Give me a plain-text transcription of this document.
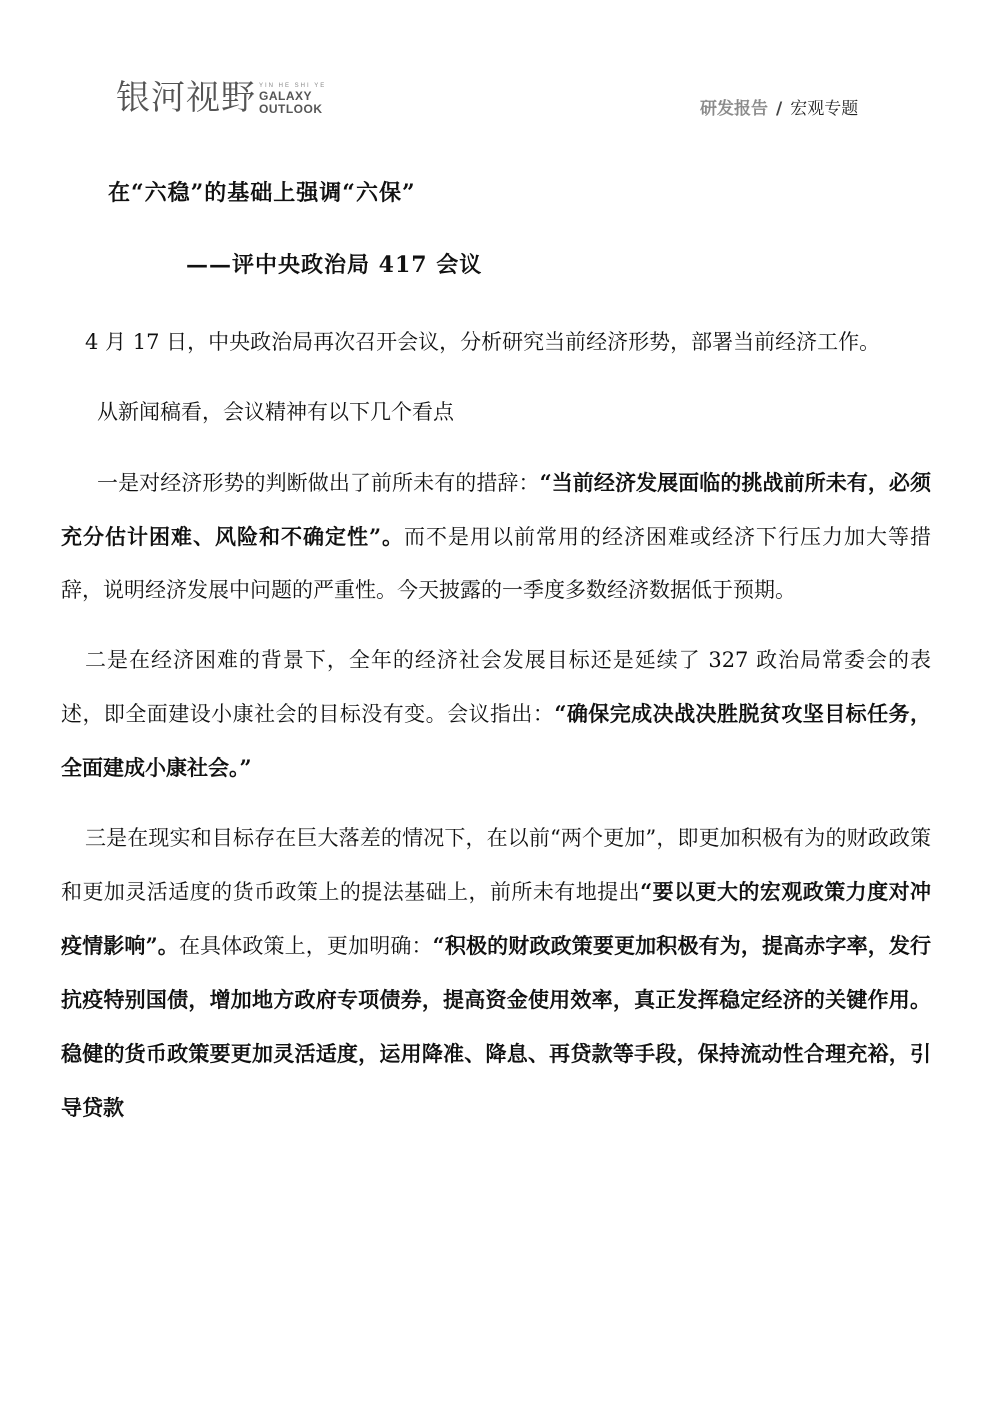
银河视野 YIN HE SHI YE
GALAXY
OUTLOOK	研发报告 / 宏观专题
在“六稳”的基础上强调“六保”
——评中央政治局 417 会议

4 月 17 日，中央政治局再次召开会议，分析研究当前经济形势，部署当前经济工作。

从新闻稿看，会议精神有以下几个看点

一是对经济形势的判断做出了前所未有的措辞：“当前经济发展面临的挑战前所未有，必须充分估计困难、风险和不确定性”。而不是用以前常用的经济困难或经济下行压力加大等措辞，说明经济发展中问题的严重性。今天披露的一季度多数经济数据低于预期。

二是在经济困难的背景下，全年的经济社会发展目标还是延续了 327 政治局常委会的表述，即全面建设小康社会的目标没有变。会议指出：“确保完成决战决胜脱贫攻坚目标任务，全面建成小康社会。”

三是在现实和目标存在巨大落差的情况下，在以前“两个更加”，即更加积极有为的财政政策和更加灵活适度的货币政策上的提法基础上，前所未有地提出“要以更大的宏观政策力度对冲疫情影响”。在具体政策上，更加明确：“积极的财政政策要更加积极有为，提高赤字率，发行抗疫特别国债，增加地方政府专项债券，提高资金使用效率，真正发挥稳定经济的关键作用。稳健的货币政策要更加灵活适度，运用降准、降息、再贷款等手段，保持流动性合理充裕，引导贷款
